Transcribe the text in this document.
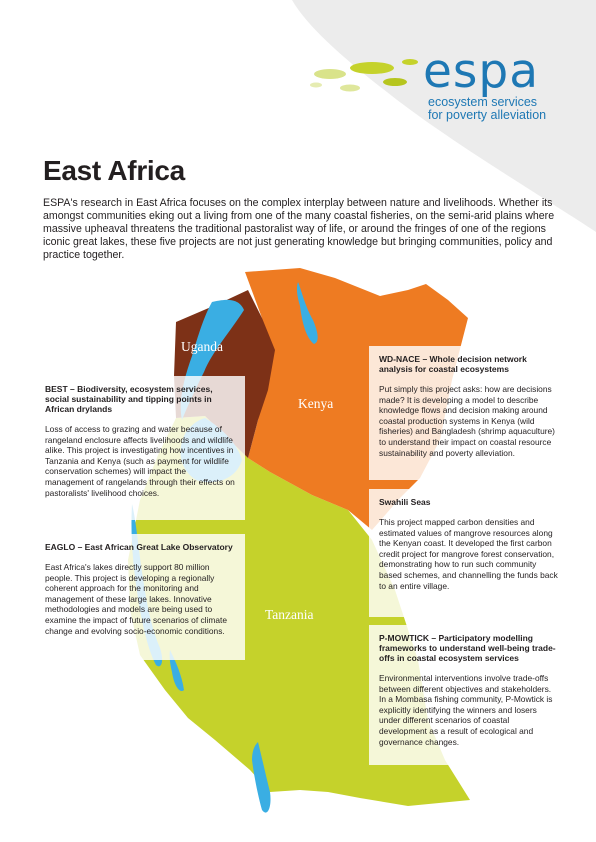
espa
ecosystem services
for poverty alleviation
East Africa

ESPA's research in East Africa focuses on the complex interplay between nature and livelihoods. Whether its amongst communities eking out a living from one of the many coastal fisheries, on the semi-arid plains where massive upheaval threatens the traditional pastoralist way of life, or around the fringes of one of the regions iconic great lakes, these five projects are not just generating knowledge but bringing communities, policy and practice together.

Uganda
Kenya
Tanzania
BEST – Biodiversity, ecosystem services, social sustainability and tipping points in African drylands

Loss of access to grazing and water because of rangeland enclosure affects livelihoods and wildlife alike. This project is investigating how incentives in Tanzania and Kenya (such as payment for wildlife conservation schemes) will impact the management of rangelands through their effects on pastoralists' livelihood choices.

EAGLO – East African Great Lake Observatory

East Africa's lakes directly support 80 million people. This project is developing a regionally coherent approach for the monitoring and management of these large lakes. Innovative methodologies and models are being used to examine the impact of future scenarios of climate change and evolving socio-economic conditions.

WD-NACE – Whole decision network analysis for coastal ecosystems

Put simply this project asks: how are decisions made? It is developing a model to describe knowledge flows and decision making around coastal production systems in Kenya (wild fisheries) and Bangladesh (shrimp aquaculture) to understand their impact on coastal resource sustainability and poverty alleviation.

Swahili Seas

This project mapped carbon densities and estimated values of mangrove resources along the Kenyan coast. It developed the first carbon credit project for mangrove forest conservation, demonstrating how to run such community based schemes, and channelling the funds back to an entire village.

P-MOWTICK – Participatory modelling frameworks to understand well-being trade-offs in coastal ecosystem services

Environmental interventions involve trade-offs between different objectives and stakeholders. In a Mombasa fishing community, P-Mowtick is explicitly identifying the winners and losers under different scenarios of coastal development as a result of ecological and governance changes.
